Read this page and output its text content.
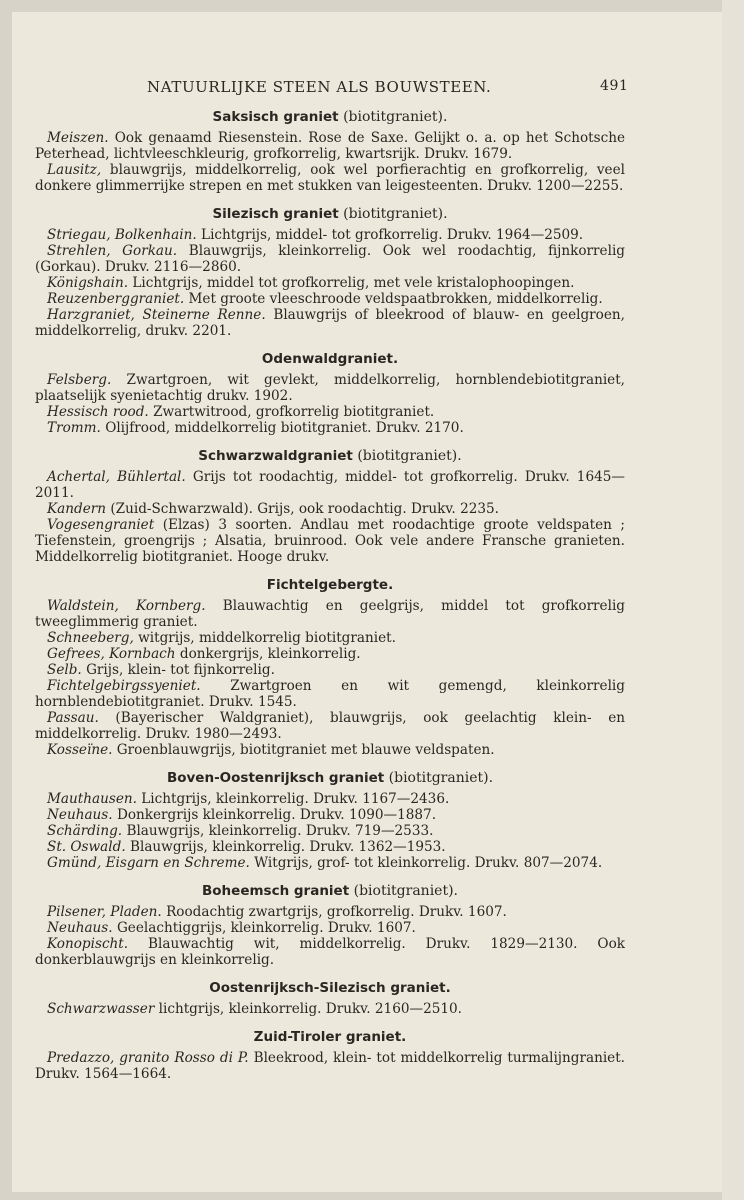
NATUURLIJKE STEEN ALS BOUWSTEEN.	491
Saksisch graniet (biotitgraniet).

Meiszen. Ook genaamd Riesenstein. Rose de Saxe. Gelijkt o. a. op het Schotsche Peterhead, lichtvleeschkleurig, grofkorrelig, kwartsrijk. Drukv. 1679.

Lausitz, blauwgrijs, middelkorrelig, ook wel porfierachtig en grofkorrelig, veel donkere glimmerrijke strepen en met stukken van leigesteenten. Drukv. 1200—2255.

Silezisch graniet (biotitgraniet).

Striegau, Bolkenhain. Lichtgrijs, middel- tot grofkorrelig. Drukv. 1964—2509.

Strehlen, Gorkau. Blauwgrijs, kleinkorrelig. Ook wel roodachtig, fijnkorrelig (Gorkau). Drukv. 2116—2860.

Königshain. Lichtgrijs, middel tot grofkorrelig, met vele kristalophoopingen.

Reuzenberggraniet. Met groote vleeschroode veldspaatbrokken, middelkorrelig.

Harzgraniet, Steinerne Renne. Blauwgrijs of bleekrood of blauw- en geelgroen, middelkorrelig, drukv. 2201.

Odenwaldgraniet.

Felsberg. Zwartgroen, wit gevlekt, middelkorrelig, hornblendebiotitgraniet, plaatselijk syenietachtig drukv. 1902.

Hessisch rood. Zwartwitrood, grofkorrelig biotitgraniet.

Tromm. Olijfrood, middelkorrelig biotitgraniet. Drukv. 2170.

Schwarzwaldgraniet (biotitgraniet).

Achertal, Bühlertal. Grijs tot roodachtig, middel- tot grofkorrelig. Drukv. 1645—2011.

Kandern (Zuid-Schwarzwald). Grijs, ook roodachtig. Drukv. 2235.

Vogesengraniet (Elzas) 3 soorten. Andlau met roodachtige groote veldspaten ; Tiefenstein, groengrijs ; Alsatia, bruinrood. Ook vele andere Fransche granieten. Middelkorrelig biotitgraniet. Hooge drukv.

Fichtelgebergte.

Waldstein, Kornberg. Blauwachtig en geelgrijs, middel tot grofkorrelig tweeglimmerig graniet.

Schneeberg, witgrijs, middelkorrelig biotitgraniet.

Gefrees, Kornbach donkergrijs, kleinkorrelig.

Selb. Grijs, klein- tot fijnkorrelig.

Fichtelgebirgssyeniet. Zwartgroen en wit gemengd, kleinkorrelig hornblendebiotitgraniet. Drukv. 1545.

Passau. (Bayerischer Waldgraniet), blauwgrijs, ook geelachtig klein- en middelkorrelig. Drukv. 1980—2493.

Kosseïne. Groenblauwgrijs, biotitgraniet met blauwe veldspaten.

Boven-Oostenrijksch graniet (biotitgraniet).

Mauthausen. Lichtgrijs, kleinkorrelig. Drukv. 1167—2436.

Neuhaus. Donkergrijs kleinkorrelig. Drukv. 1090—1887.

Schärding. Blauwgrijs, kleinkorrelig. Drukv. 719—2533.

St. Oswald. Blauwgrijs, kleinkorrelig. Drukv. 1362—1953.

Gmünd, Eisgarn en Schreme. Witgrijs, grof- tot kleinkorrelig. Drukv. 807—2074.

Boheemsch graniet (biotitgraniet).

Pilsener, Pladen. Roodachtig zwartgrijs, grofkorrelig. Drukv. 1607.

Neuhaus. Geelachtiggrijs, kleinkorrelig. Drukv. 1607.

Konopischt. Blauwachtig wit, middelkorrelig. Drukv. 1829—2130. Ook donkerblauwgrijs en kleinkorrelig.

Oostenrijksch-Silezisch graniet.

Schwarzwasser lichtgrijs, kleinkorrelig. Drukv. 2160—2510.

Zuid-Tiroler graniet.

Predazzo, granito Rosso di P. Bleekrood, klein- tot middelkorrelig turmalijngraniet. Drukv. 1564—1664.
